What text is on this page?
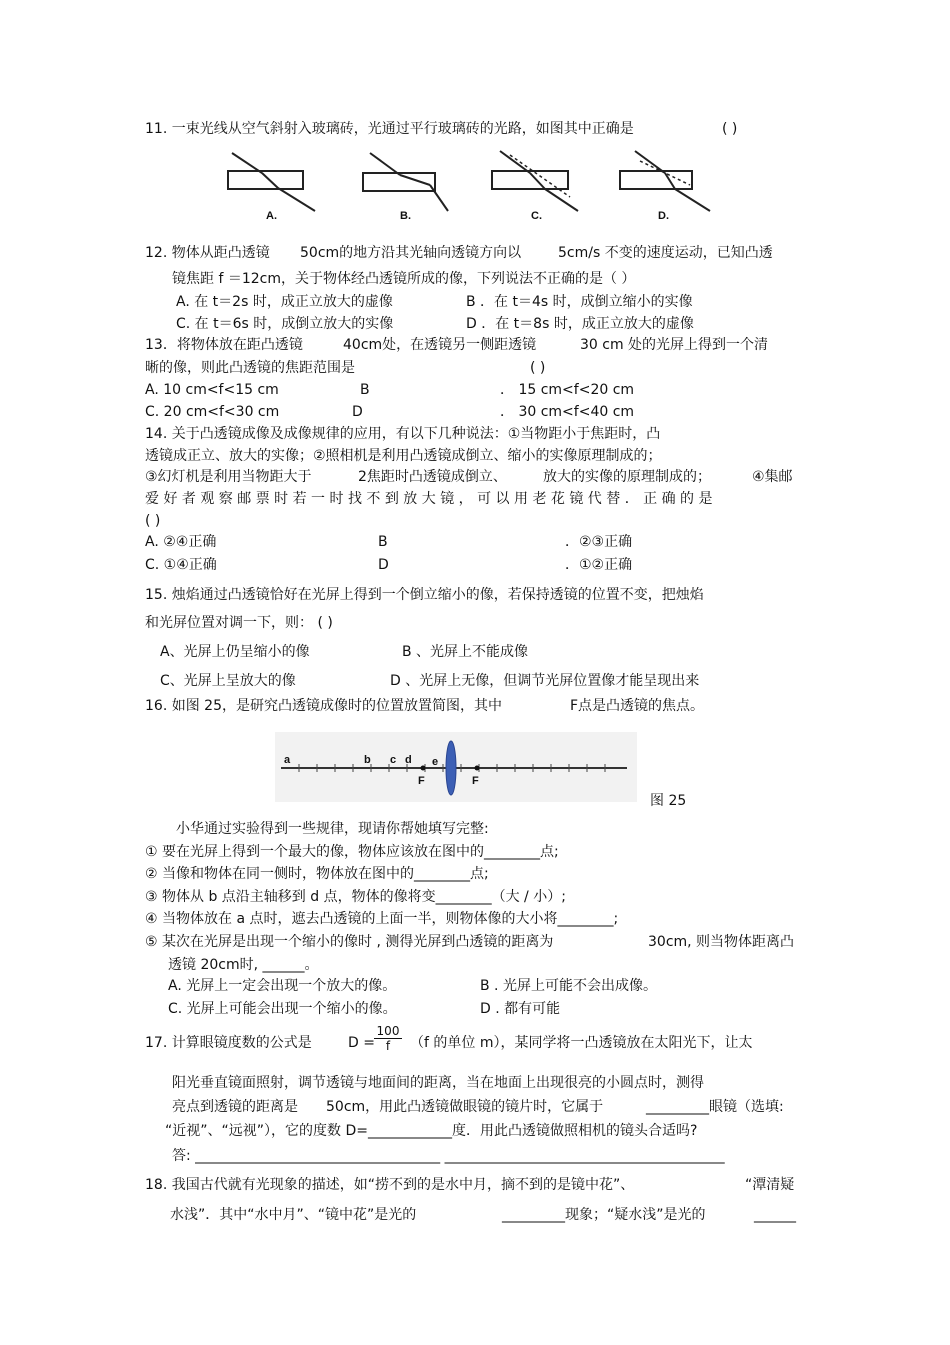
11. 一束光线从空气斜射入玻璃砖，光通过平行玻璃砖的光路，如图其中正确是	( )
A.	B.	C.	D.
12. 物体从距凸透镜 50cm的地方沿其光轴向透镜方向以	5cm/s 不变的速度运动，已知凸透
镜焦距 f ＝12cm，关于物体经凸透镜所成的像，下列说法不正确的是（ ）
A. 在 t＝2s 时，成正立放大的虚像	B ．在 t＝4s 时，成倒立缩小的实像
C. 在 t＝6s 时，成倒立放大的实像	D ．在 t＝8s 时，成正立放大的虚像
13．将物体放在距凸透镜	40cm处，在透镜另一侧距透镜	30 cm 处的光屏上得到一个清
晰的像，则此凸透镜的焦距范围是	( )
A. 10 cm<f<15 cm	B	． 15 cm<f<20 cm
C. 20 cm<f<30 cm	D	． 30 cm<f<40 cm
14. 关于凸透镜成像及成像规律的应用，有以下几种说法：①当物距小于焦距时，凸
透镜成正立、放大的实像；②照相机是利用凸透镜成倒立、缩小的实像原理制成的；
③幻灯机是利用当物距大于	2焦距时凸透镜成倒立、	放大的实像的原理制成的；	④集邮
爱 好 者 观 察 邮 票 时 若 一 时 找 不 到 放 大 镜 ， 可 以 用 老 花 镜 代 替 ． 正 确 的 是
( )
A. ②④正确	B	．②③正确
C. ①④正确	D	．①②正确
15. 烛焰通过凸透镜恰好在光屏上得到一个倒立缩小的像，若保持透镜的位置不变，把烛焰
和光屏位置对调一下，则： ( )
A、光屏上仍呈缩小的像	B 、光屏上不能成像
C、光屏上呈放大的像	D 、光屏上无像，但调节光屏位置像才能呈现出来
16. 如图 25，是研究凸透镜成像时的位置放置简图，其中	F点是凸透镜的焦点。
a	b c d e
F	F
图 25
小华通过实验得到一些规律，现请你帮她填写完整:
① 要在光屏上得到一个最大的像，物体应该放在图中的________点;
② 当像和物体在同一侧时，物体放在图中的________点;
③ 物体从 b 点沿主轴移到 d 点，物体的像将变________（大 / 小）;
④ 当物体放在 a 点时，遮去凸透镜的上面一半，则物体像的大小将________;
⑤ 某次在光屏是出现一个缩小的像时 , 测得光屏到凸透镜的距离为	30cm, 则当物体距离凸
透镜 20cm时, ______。
A. 光屏上一定会出现一个放大的像。	B . 光屏上可能不会出成像。
C. 光屏上可能会出现一个缩小的像。	D . 都有可能
17. 计算眼镜度数的公式是	$D = \frac{100}{f} (f$ 的单位 m），某同学将一凸透镜放在太阳光下，让太
阳光垂直镜面照射，调节透镜与地面间的距离，当在地面上出现很亮的小圆点时，测得
亮点到透镜的距离是 50cm，用此凸透镜做眼镜的镜片时，它属于	_________眼镜（选填:
“近视”、“远视”），它的度数 D=____________度．用此凸透镜做照相机的镜头合适吗?
答: ___________________________________ ________________________________________
18. 我国古代就有光现象的描述，如“捞不到的是水中月，摘不到的是镜中花”、	“潭清疑
水浅”．其中“水中月”、“镜中花”是光的	_________现象；“疑水浅”是光的	______
